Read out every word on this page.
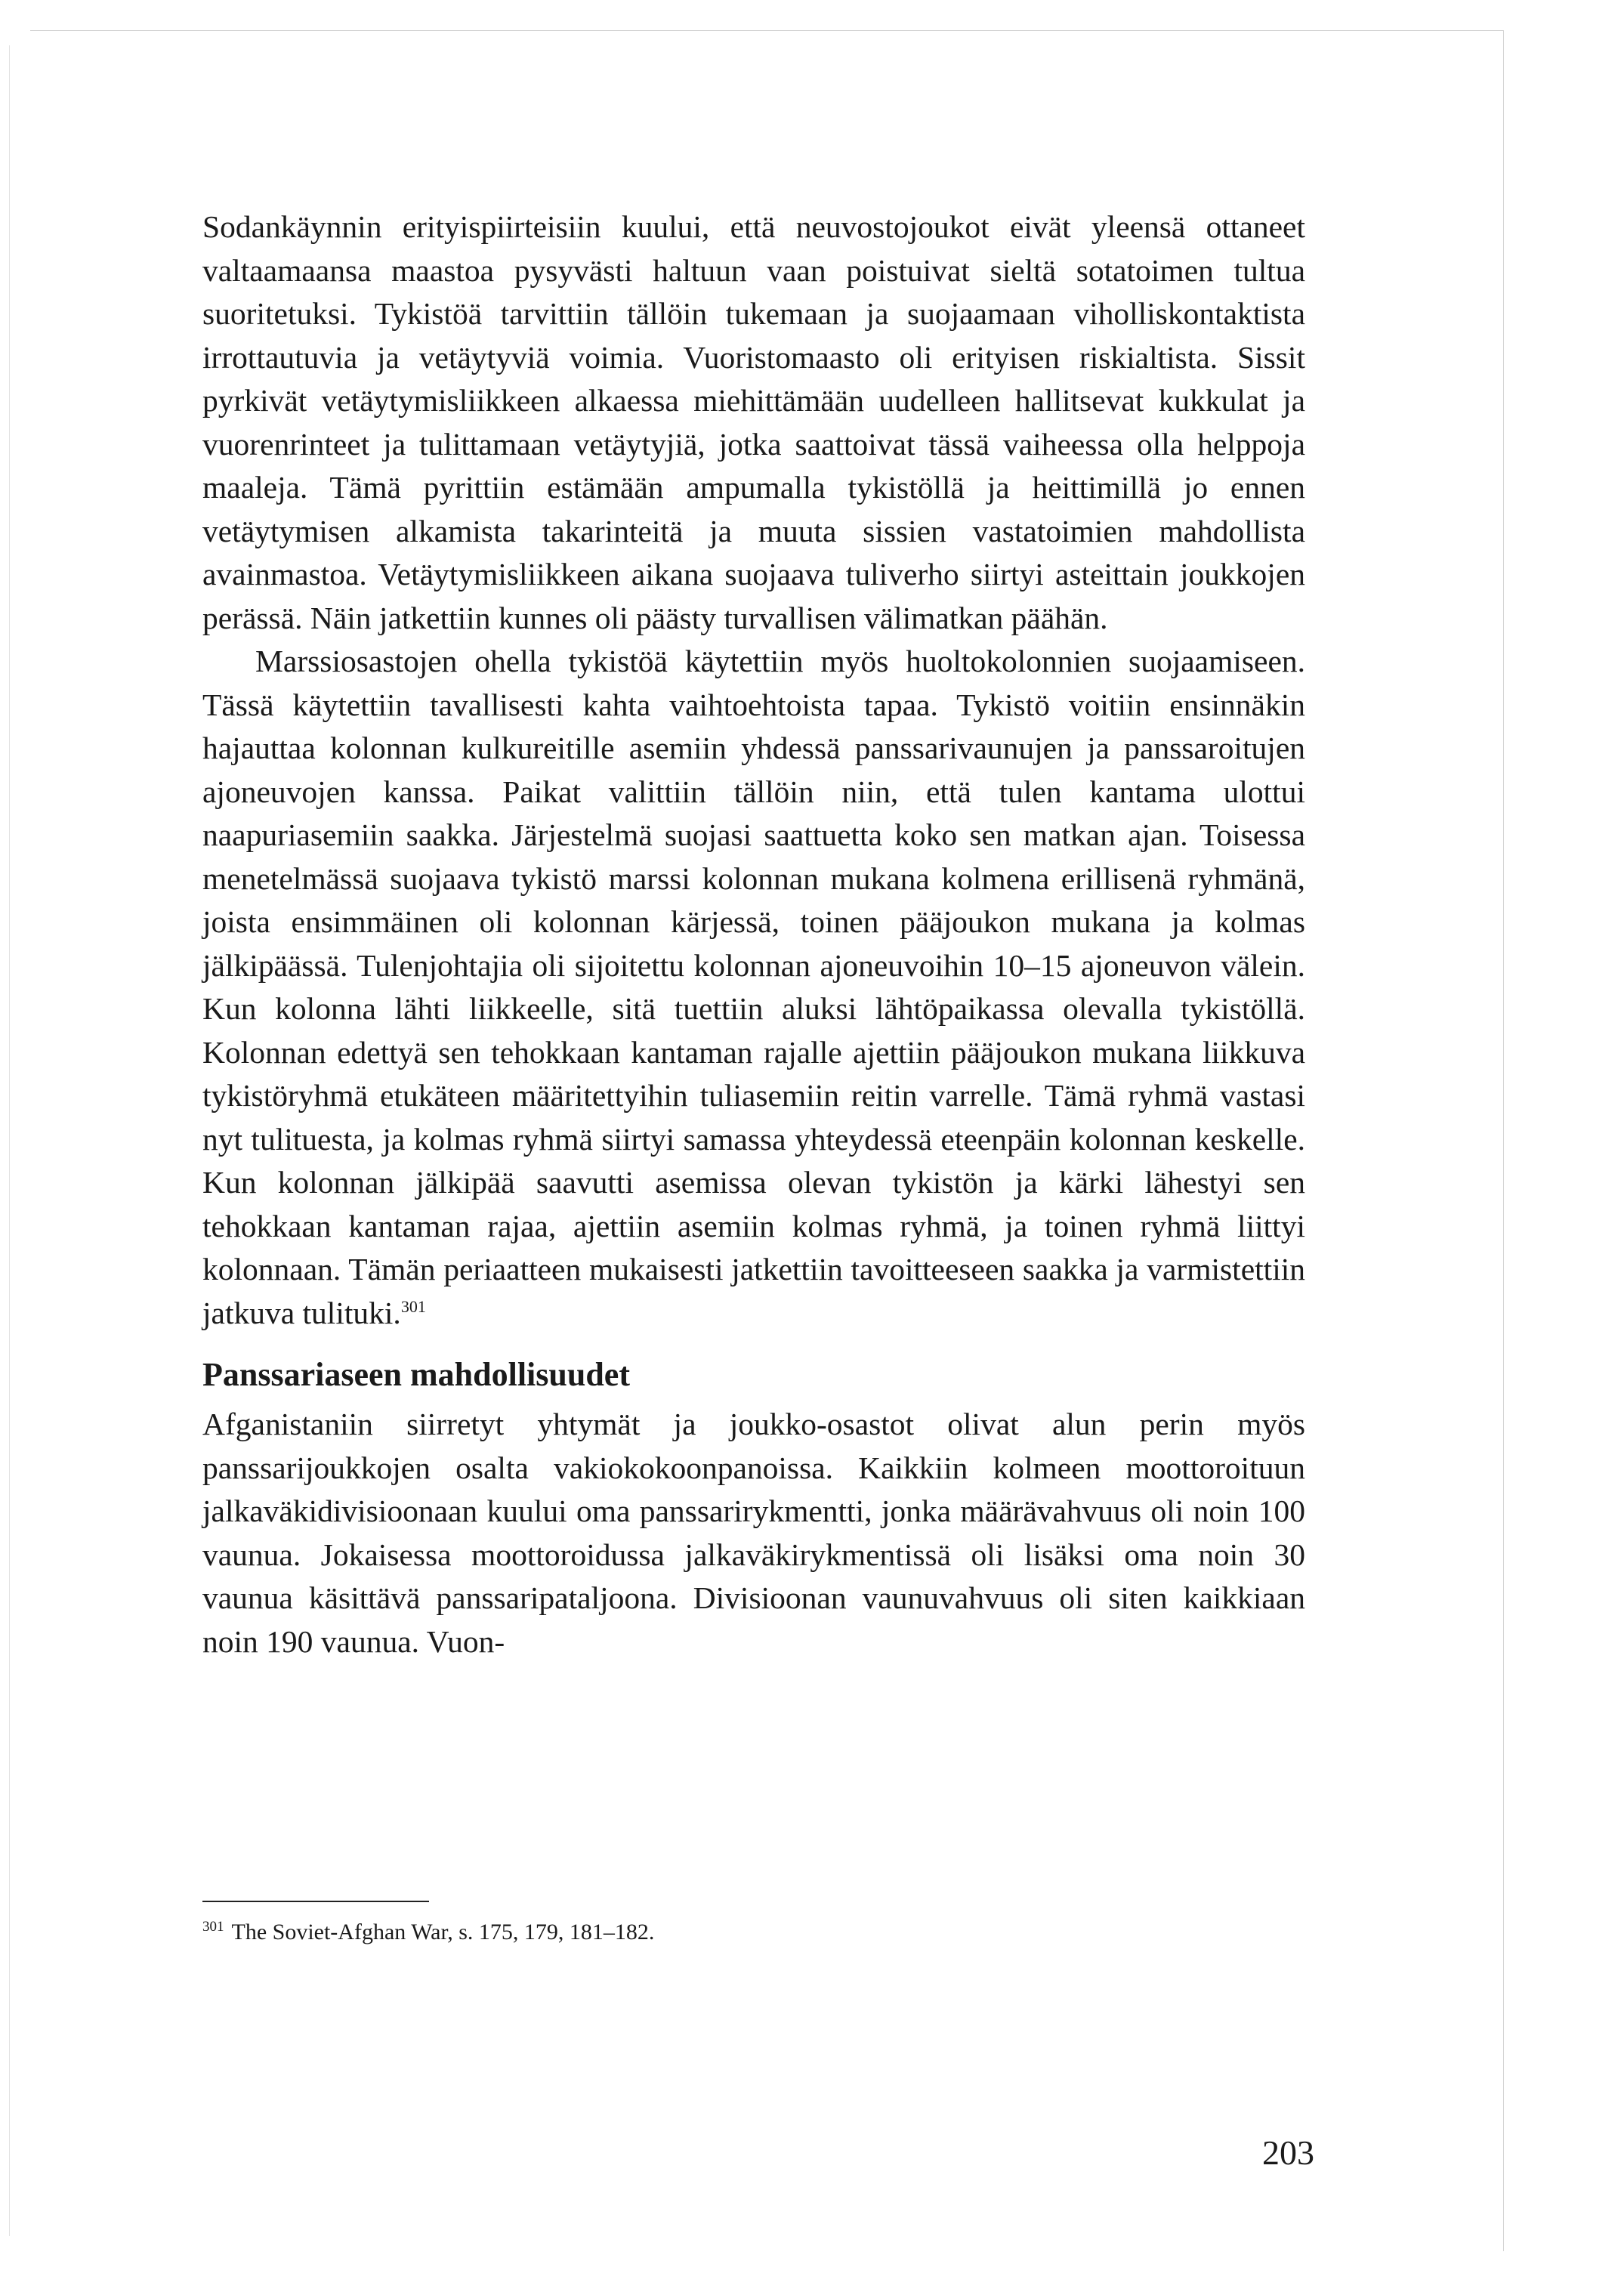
Sodankäynnin erityispiirteisiin kuului, että neuvostojoukot eivät yleensä ottaneet valtaamaansa maastoa pysyvästi haltuun vaan poistuivat sieltä sotatoimen tultua suoritetuksi. Tykistöä tarvittiin tällöin tukemaan ja suojaamaan viholliskontaktista irrottautuvia ja vetäytyviä voimia. Vuoristomaasto oli erityisen riskialtista. Sissit pyrkivät vetäytymisliikkeen alkaessa miehittämään uudelleen hallitsevat kukkulat ja vuorenrinteet ja tulittamaan vetäytyjiä, jotka saattoivat tässä vaiheessa olla helppoja maaleja. Tämä pyrittiin estämään ampumalla tykistöllä ja heittimillä jo ennen vetäytymisen alkamista takarinteitä ja muuta sissien vastatoimien mahdollista avainmastoa. Vetäytymisliikkeen aikana suojaava tuliverho siirtyi asteittain joukkojen perässä. Näin jatkettiin kunnes oli päästy turvallisen välimatkan päähän.

Marssiosastojen ohella tykistöä käytettiin myös huoltokolonnien suojaamiseen. Tässä käytettiin tavallisesti kahta vaihtoehtoista tapaa. Tykistö voitiin ensinnäkin hajauttaa kolonnan kulkureitille asemiin yhdessä panssarivaunujen ja panssaroitujen ajoneuvojen kanssa. Paikat valittiin tällöin niin, että tulen kantama ulottui naapuriasemiin saakka. Järjestelmä suojasi saattuetta koko sen matkan ajan. Toisessa menetelmässä suojaava tykistö marssi kolonnan mukana kolmena erillisenä ryhmänä, joista ensimmäinen oli kolonnan kärjessä, toinen pääjoukon mukana ja kolmas jälkipäässä. Tulenjohtajia oli sijoitettu kolonnan ajoneuvoihin 10–15 ajoneuvon välein. Kun kolonna lähti liikkeelle, sitä tuettiin aluksi lähtöpaikassa olevalla tykistöllä. Kolonnan edettyä sen tehokkaan kantaman rajalle ajettiin pääjoukon mukana liikkuva tykistöryhmä etukäteen määritettyihin tuliasemiin reitin varrelle. Tämä ryhmä vastasi nyt tulituesta, ja kolmas ryhmä siirtyi samassa yhteydessä eteenpäin kolonnan keskelle. Kun kolonnan jälkipää saavutti asemissa olevan tykistön ja kärki lähestyi sen tehokkaan kantaman rajaa, ajettiin asemiin kolmas ryhmä, ja toinen ryhmä liittyi kolonnaan. Tämän periaatteen mukaisesti jatkettiin tavoitteeseen saakka ja varmistettiin jatkuva tulituki.$^{301}$

Panssariaseen mahdollisuudet

Afganistaniin siirretyt yhtymät ja joukko-osastot olivat alun perin myös panssarijoukkojen osalta vakiokokoonpanoissa. Kaikkiin kolmeen moottoroituun jalkaväkidivisioonaan kuului oma panssarirykmentti, jonka määrävahvuus oli noin 100 vaunua. Jokaisessa moottoroidussa jalkaväkirykmentissä oli lisäksi oma noin 30 vaunua käsittävä panssaripataljoona. Divisioonan vaunuvahvuus oli siten kaikkiaan noin 190 vaunua. Vuon-

$^{301}$ The Soviet-Afghan War, s. 175, 179, 181–182.
203
